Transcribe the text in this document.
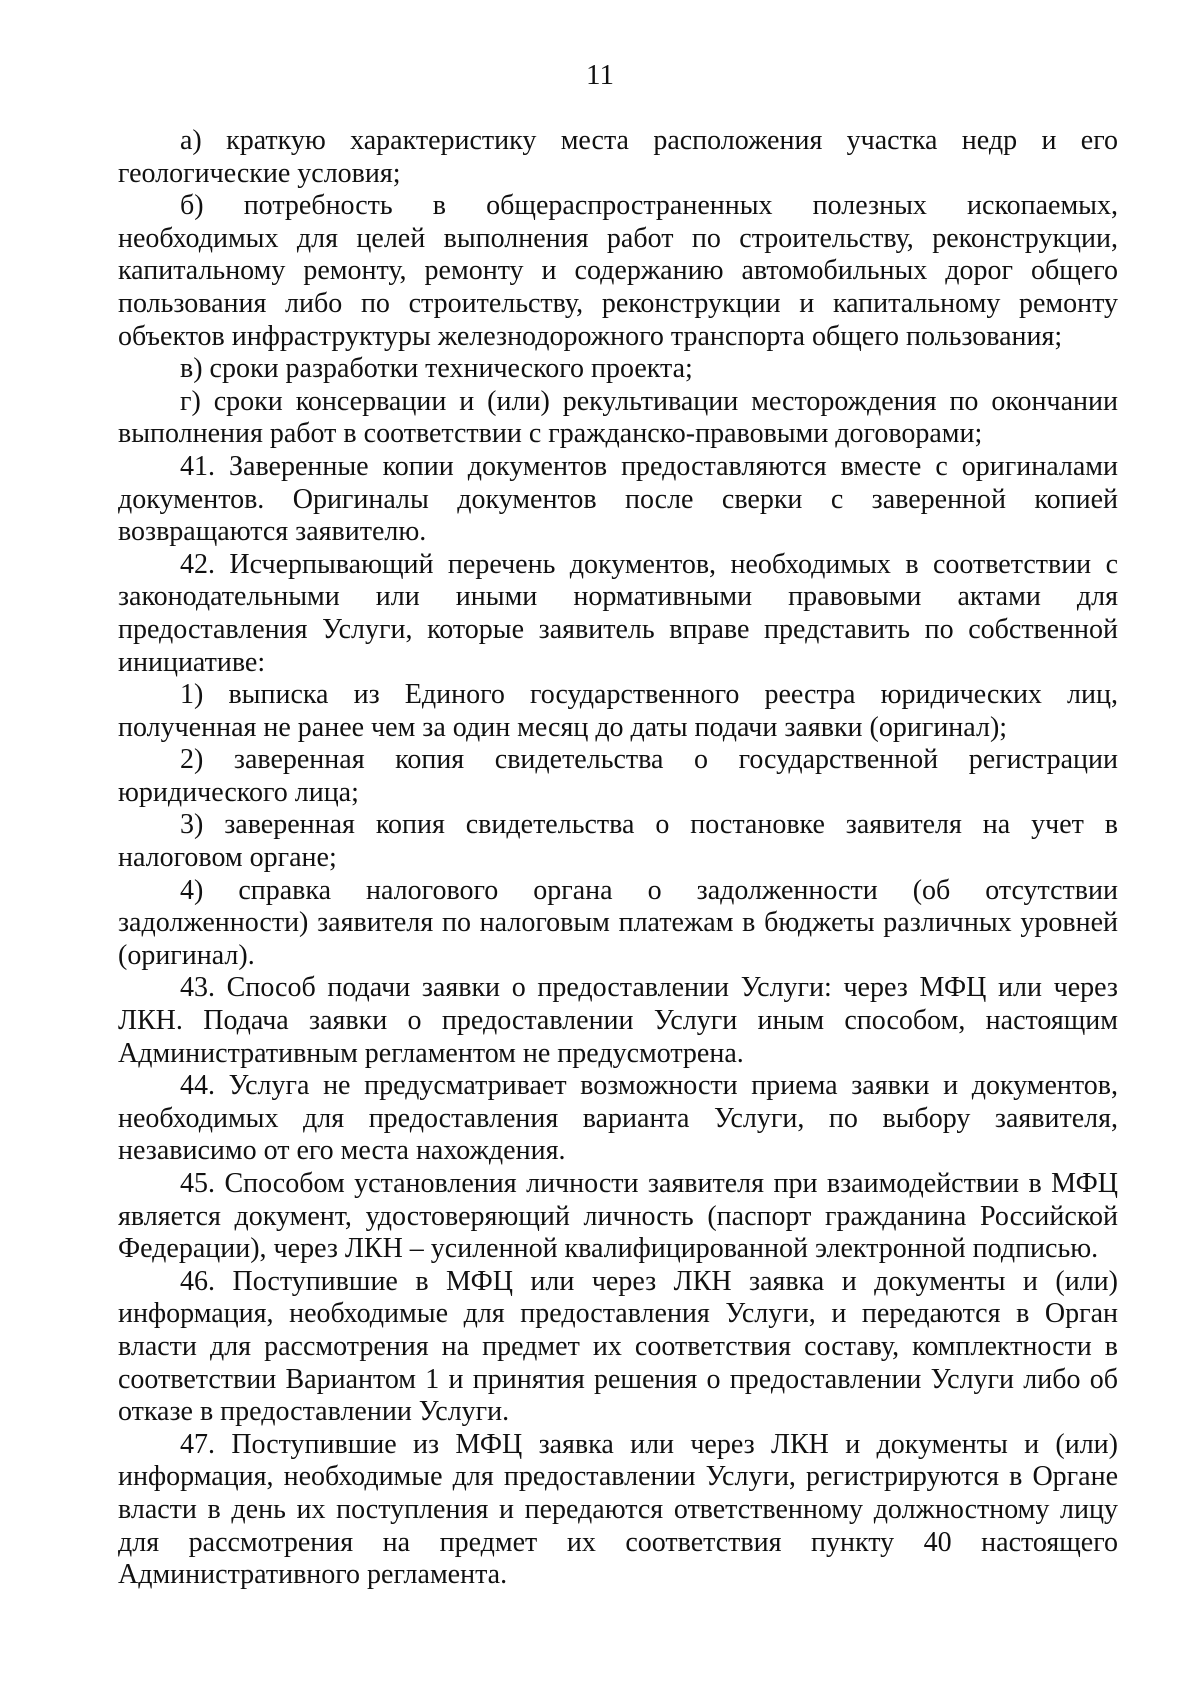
11

а) краткую характеристику места расположения участка недр и его геологические условия;

б) потребность в общераспространенных полезных ископаемых, необходимых для целей выполнения работ по строительству, реконструкции, капитальному ремонту, ремонту и содержанию автомобильных дорог общего пользования либо по строительству, реконструкции и капитальному ремонту объектов инфраструктуры железнодорожного транспорта общего пользования;

в) сроки разработки технического проекта;

г) сроки консервации и (или) рекультивации месторождения по окончании выполнения работ в соответствии с гражданско-правовыми договорами;

41. Заверенные копии документов предоставляются вместе с оригиналами документов. Оригиналы документов после сверки с заверенной копией возвращаются заявителю.

42. Исчерпывающий перечень документов, необходимых в соответствии с законодательными или иными нормативными правовыми актами для предоставления Услуги, которые заявитель вправе представить по собственной инициативе:

1) выписка из Единого государственного реестра юридических лиц, полученная не ранее чем за один месяц до даты подачи заявки (оригинал);

2) заверенная копия свидетельства о государственной регистрации юридического лица;

3) заверенная копия свидетельства о постановке заявителя на учет в налоговом органе;

4) справка налогового органа о задолженности (об отсутствии задолженности) заявителя по налоговым платежам в бюджеты различных уровней (оригинал).

43. Способ подачи заявки о предоставлении Услуги: через МФЦ или через ЛКН. Подача заявки о предоставлении Услуги иным способом, настоящим Административным регламентом не предусмотрена.

44. Услуга не предусматривает возможности приема заявки и документов, необходимых для предоставления варианта Услуги, по выбору заявителя, независимо от его места нахождения.

45. Способом установления личности заявителя при взаимодействии в МФЦ является документ, удостоверяющий личность (паспорт гражданина Российской Федерации), через ЛКН – усиленной квалифицированной электронной подписью.

46. Поступившие в МФЦ или через ЛКН заявка и документы и (или) информация, необходимые для предоставления Услуги, и передаются в Орган власти для рассмотрения на предмет их соответствия составу, комплектности в соответствии Вариантом 1 и принятия решения о предоставлении Услуги либо об отказе в предоставлении Услуги.

47. Поступившие из МФЦ заявка или через ЛКН и документы и (или) информация, необходимые для предоставлении Услуги, регистрируются в Органе власти в день их поступления и передаются ответственному должностному лицу для рассмотрения на предмет их соответствия пункту 40 настоящего Административного регламента.
